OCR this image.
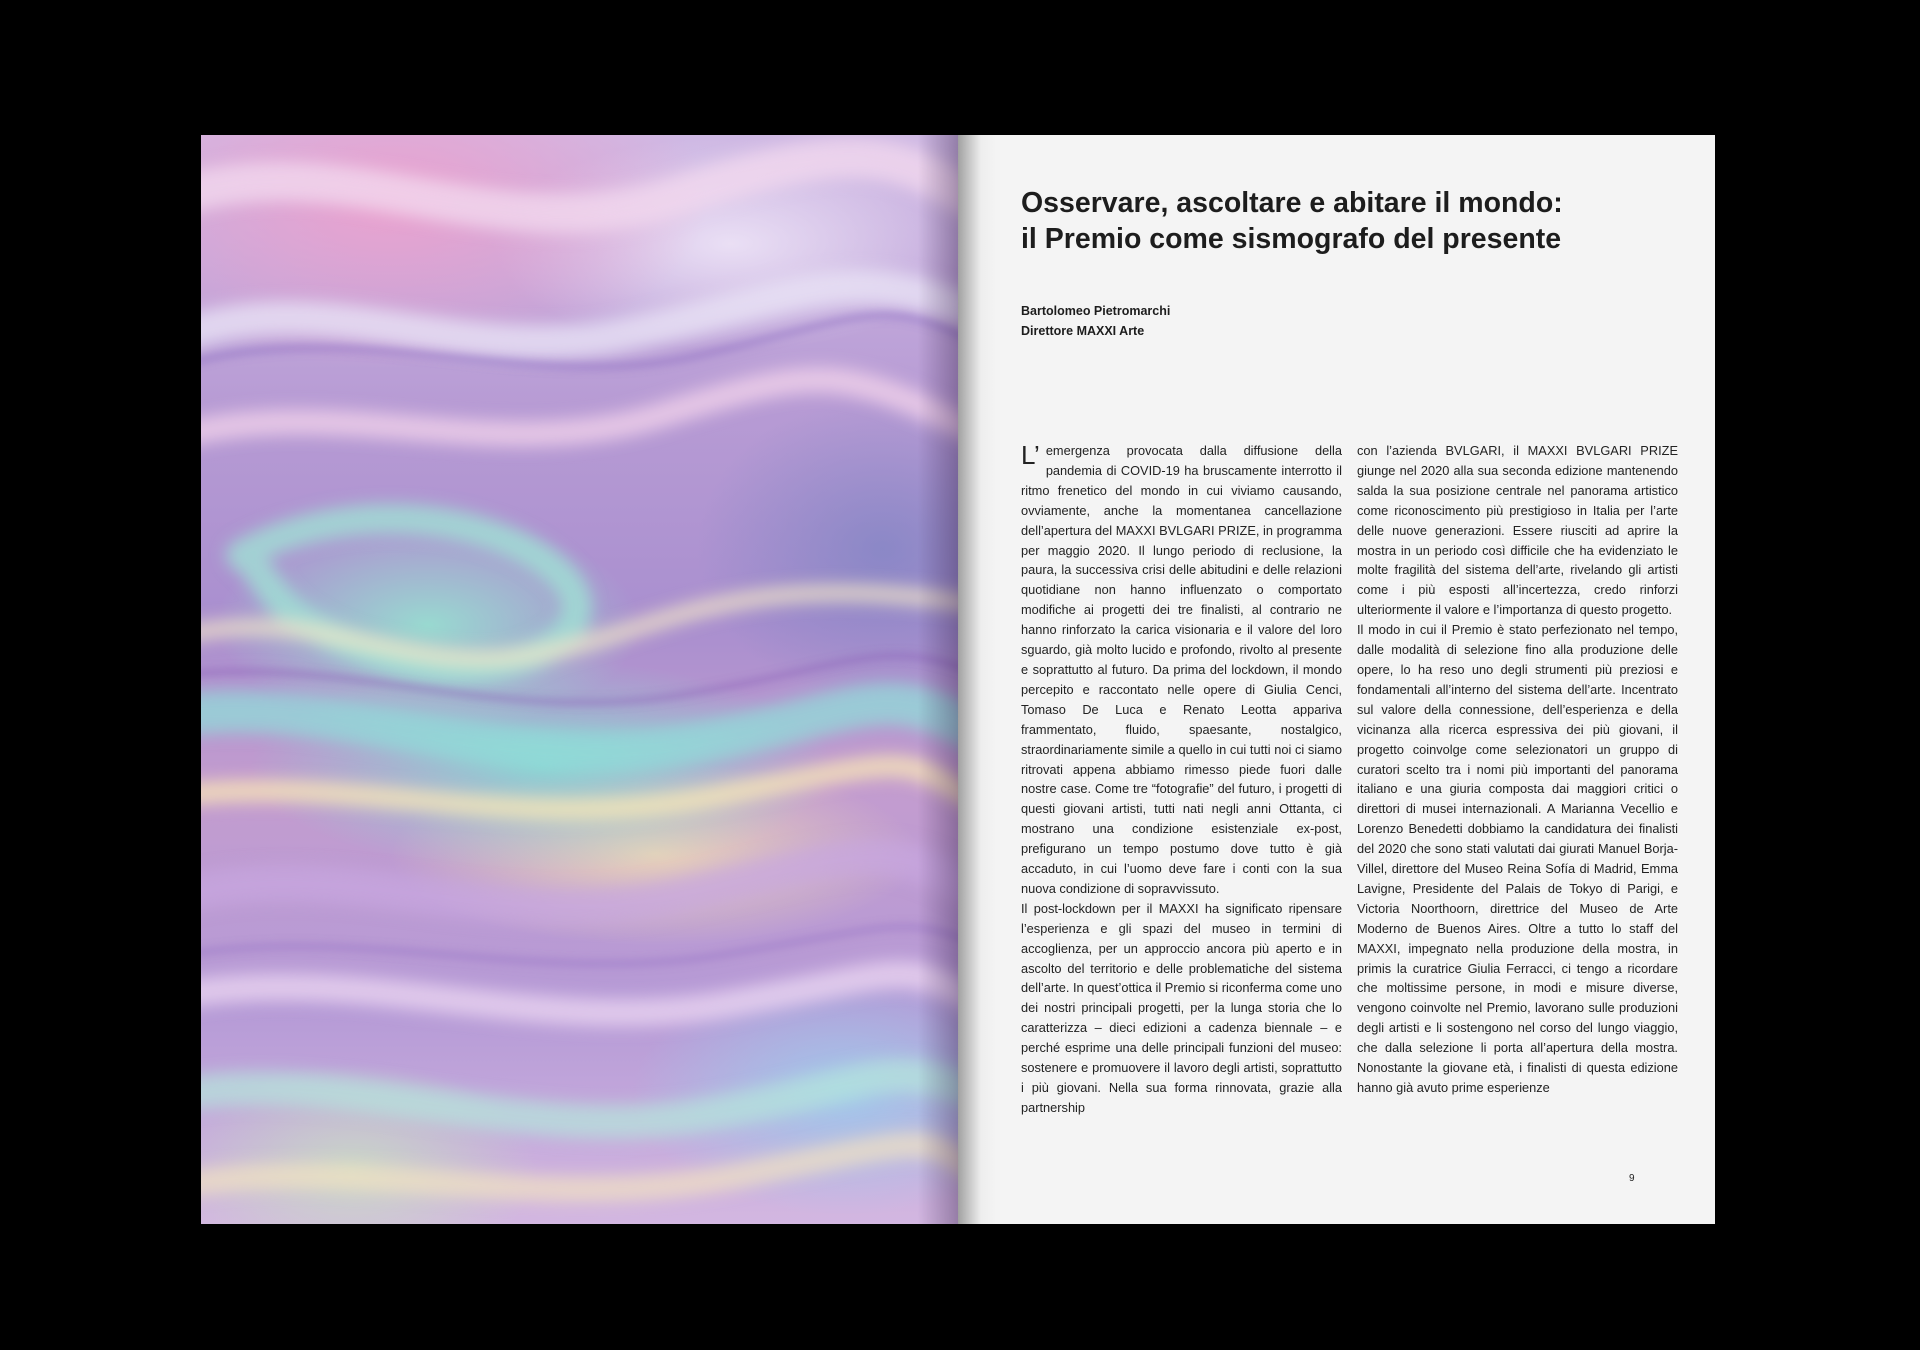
Osservare, ascoltare e abitare il mondo:
il Premio come sismografo del presente
Bartolomeo Pietromarchi
Direttore MAXXI Arte

L’ emergenza provocata dalla diffusione della pandemia di COVID-19 ha bruscamente interrotto il ritmo frenetico del mondo in cui viviamo causando, ovviamente, anche la momentanea cancellazione dell’apertura del MAXXI BVLGARI PRIZE, in programma per maggio 2020. Il lungo periodo di reclusione, la paura, la successiva crisi delle abitudini e delle relazioni quotidiane non hanno influenzato o comportato modifiche ai progetti dei tre finalisti, al contrario ne hanno rinforzato la carica visionaria e il valore del loro sguardo, già molto lucido e profondo, rivolto al presente e soprattutto al futuro. Da prima del lockdown, il mondo percepito e raccontato nelle opere di Giulia Cenci, Tomaso De Luca e Renato Leotta appariva frammentato, fluido, spaesante, nostalgico, straordinariamente simile a quello in cui tutti noi ci siamo ritrovati appena abbiamo rimesso piede fuori dalle nostre case. Come tre “fotografie” del futuro, i progetti di questi giovani artisti, tutti nati negli anni Ottanta, ci mostrano una condizione esistenziale ex-post, prefigurano un tempo postumo dove tutto è già accaduto, in cui l’uomo deve fare i conti con la sua nuova condizione di sopravvissuto.

Il post-lockdown per il MAXXI ha significato ripensare l’esperienza e gli spazi del museo in termini di accoglienza, per un approccio ancora più aperto e in ascolto del territorio e delle problematiche del sistema dell’arte. In quest’ottica il Premio si riconferma come uno dei nostri principali progetti, per la lunga storia che lo caratterizza – dieci edizioni a cadenza biennale – e perché esprime una delle principali funzioni del museo: sostenere e promuovere il lavoro degli artisti, soprattutto i più giovani. Nella sua forma rinnovata, grazie alla partnership

con l’azienda BVLGARI, il MAXXI BVLGARI PRIZE giunge nel 2020 alla sua seconda edizione mantenendo salda la sua posizione centrale nel panorama artistico come riconoscimento più prestigioso in Italia per l’arte delle nuove generazioni. Essere riusciti ad aprire la mostra in un periodo così difficile che ha evidenziato le molte fragilità del sistema dell’arte, rivelando gli artisti come i più esposti all’incertezza, credo rinforzi ulteriormente il valore e l’importanza di questo progetto.

Il modo in cui il Premio è stato perfezionato nel tempo, dalle modalità di selezione fino alla produzione delle opere, lo ha reso uno degli strumenti più preziosi e fondamentali all’interno del sistema dell’arte. Incentrato sul valore della connessione, dell’esperienza e della vicinanza alla ricerca espressiva dei più giovani, il progetto coinvolge come selezionatori un gruppo di curatori scelto tra i nomi più importanti del panorama italiano e una giuria composta dai maggiori critici o direttori di musei internazionali. A Marianna Vecellio e Lorenzo Benedetti dobbiamo la candidatura dei finalisti del 2020 che sono stati valutati dai giurati Manuel Borja-Villel, direttore del Museo Reina Sofía di Madrid, Emma Lavigne, Presidente del Palais de Tokyo di Parigi, e Victoria Noorthoorn, direttrice del Museo de Arte Moderno de Buenos Aires. Oltre a tutto lo staff del MAXXI, impegnato nella produzione della mostra, in primis la curatrice Giulia Ferracci, ci tengo a ricordare che moltissime persone, in modi e misure diverse, vengono coinvolte nel Premio, lavorano sulle produzioni degli artisti e li sostengono nel corso del lungo viaggio, che dalla selezione li porta all’apertura della mostra. Nonostante la giovane età, i finalisti di questa edizione hanno già avuto prime esperienze

9
